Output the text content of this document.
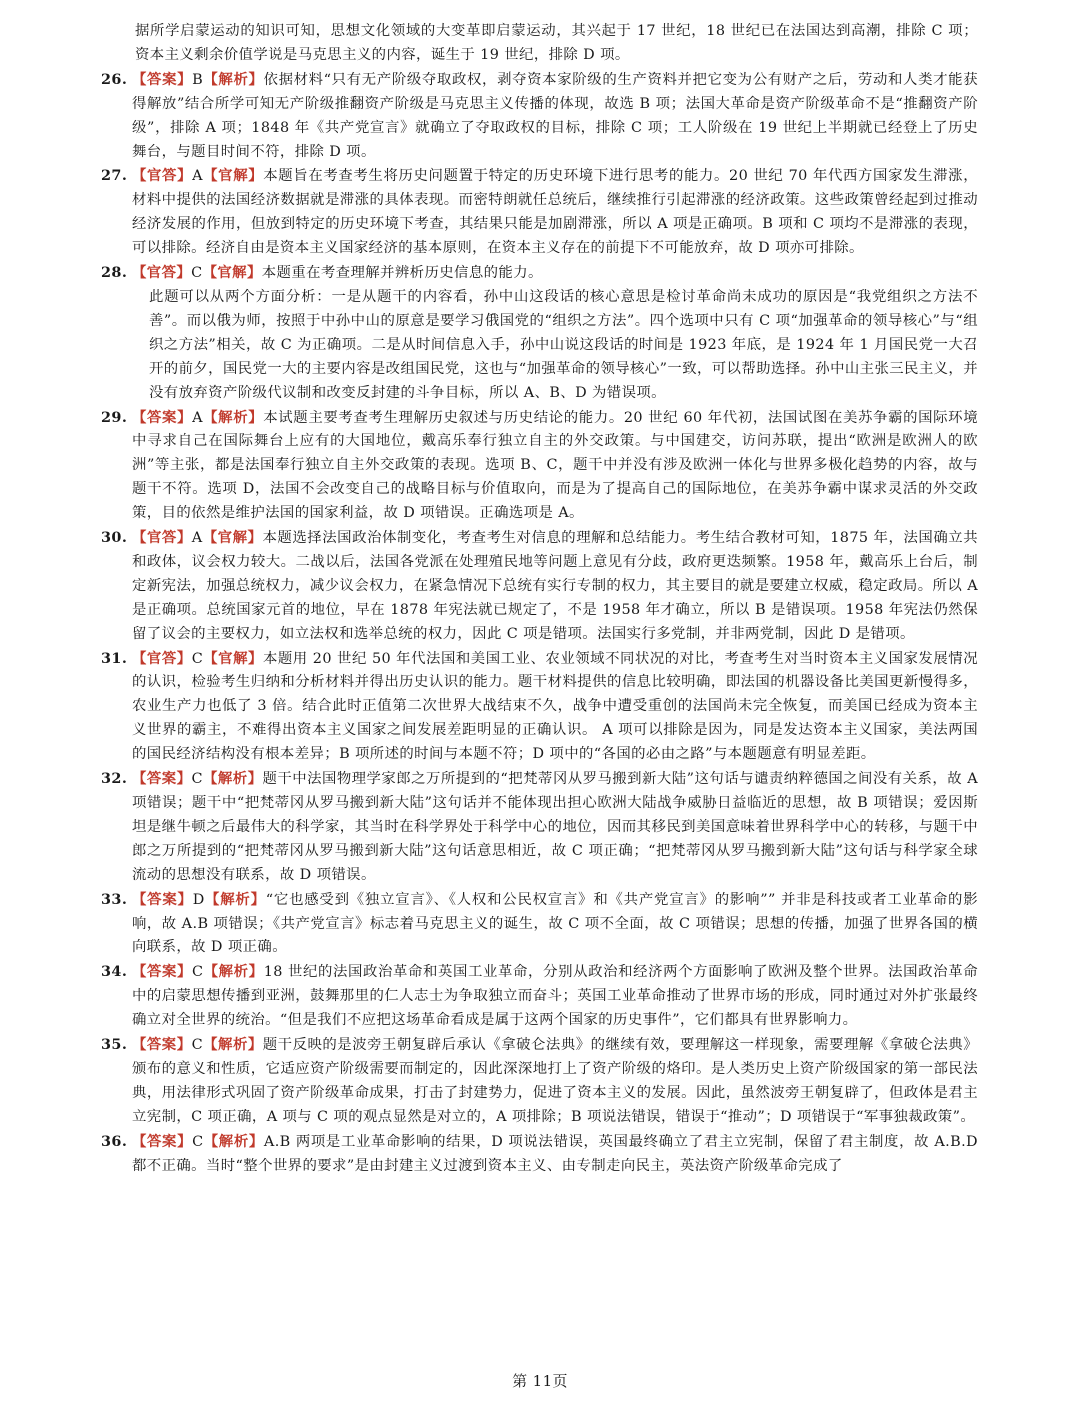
据所学启蒙运动的知识可知，思想文化领域的大变革即启蒙运动，其兴起于 17 世纪，18 世纪已在法国达到高潮，排除 C 项；资本主义剩余价值学说是马克思主义的内容，诞生于 19 世纪，排除 D 项。

26. 【答案】B【解析】依据材料“只有无产阶级夺取政权，剥夺资本家阶级的生产资料并把它变为公有财产之后，劳动和人类才能获得解放”结合所学可知无产阶级推翻资产阶级是马克思主义传播的体现，故选 B 项；法国大革命是资产阶级革命不是“推翻资产阶级”，排除 A 项；1848 年《共产党宣言》就确立了夺取政权的目标，排除 C 项；工人阶级在 19 世纪上半期就已经登上了历史舞台，与题目时间不符，排除 D 项。

27. 【官答】A【官解】本题旨在考查考生将历史问题置于特定的历史环境下进行思考的能力。20 世纪 70 年代西方国家发生滞涨，材料中提供的法国经济数据就是滞涨的具体表现。而密特朗就任总统后，继续推行引起滞涨的经济政策。这些政策曾经起到过推动经济发展的作用，但放到特定的历史环境下考查，其结果只能是加剧滞涨，所以 A 项是正确项。B 项和 C 项均不是滞涨的表现，可以排除。经济自由是资本主义国家经济的基本原则，在资本主义存在的前提下不可能放弃，故 D 项亦可排除。

28. 【官答】C【官解】本题重在考查理解并辨析历史信息的能力。

此题可以从两个方面分析：一是从题干的内容看，孙中山这段话的核心意思是检讨革命尚未成功的原因是“我党组织之方法不善”。而以俄为师，按照于中孙中山的原意是要学习俄国党的“组织之方法”。四个选项中只有 C 项“加强革命的领导核心”与“组织之方法”相关，故 C 为正确项。二是从时间信息入手，孙中山说这段话的时间是 1923 年底，是 1924 年 1 月国民党一大召开的前夕，国民党一大的主要内容是改组国民党，这也与“加强革命的领导核心”一致，可以帮助选择。孙中山主张三民主义，并没有放弃资产阶级代议制和改变反封建的斗争目标，所以 A、B、D 为错误项。

29. 【答案】A【解析】本试题主要考查考生理解历史叙述与历史结论的能力。20 世纪 60 年代初，法国试图在美苏争霸的国际环境中寻求自己在国际舞台上应有的大国地位，戴高乐奉行独立自主的外交政策。与中国建交，访问苏联，提出“欧洲是欧洲人的欧洲”等主张，都是法国奉行独立自主外交政策的表现。选项 B、C，题干中并没有涉及欧洲一体化与世界多极化趋势的内容，故与题干不符。选项 D，法国不会改变自己的战略目标与价值取向，而是为了提高自己的国际地位，在美苏争霸中谋求灵活的外交政策，目的依然是维护法国的国家利益，故 D 项错误。正确选项是 A。

30. 【官答】A【官解】本题选择法国政治体制变化，考查考生对信息的理解和总结能力。考生结合教材可知，1875 年，法国确立共和政体，议会权力较大。二战以后，法国各党派在处理殖民地等问题上意见有分歧，政府更迭频繁。1958 年，戴高乐上台后，制定新宪法，加强总统权力，减少议会权力，在紧急情况下总统有实行专制的权力，其主要目的就是要建立权威，稳定政局。所以 A 是正确项。总统国家元首的地位，早在 1878 年宪法就已规定了，不是 1958 年才确立，所以 B 是错误项。1958 年宪法仍然保留了议会的主要权力，如立法权和选举总统的权力，因此 C 项是错项。法国实行多党制，并非两党制，因此 D 是错项。

31. 【官答】C【官解】本题用 20 世纪 50 年代法国和美国工业、农业领域不同状况的对比，考查考生对当时资本主义国家发展情况的认识，检验考生归纳和分析材料并得出历史认识的能力。题干材料提供的信息比较明确，即法国的机器设备比美国更新慢得多，农业生产力也低了 3 倍。结合此时正值第二次世界大战结束不久，战争中遭受重创的法国尚未完全恢复，而美国已经成为资本主义世界的霸主，不难得出资本主义国家之间发展差距明显的正确认识。 A 项可以排除是因为，同是发达资本主义国家，美法两国的国民经济结构没有根本差异；B 项所述的时间与本题不符；D 项中的“各国的必由之路”与本题题意有明显差距。

32. 【答案】C【解析】题干中法国物理学家郎之万所提到的“把梵蒂冈从罗马搬到新大陆”这句话与谴责纳粹德国之间没有关系，故 A 项错误；题干中“把梵蒂冈从罗马搬到新大陆”这句话并不能体现出担心欧洲大陆战争威胁日益临近的思想，故 B 项错误；爱因斯坦是继牛顿之后最伟大的科学家，其当时在科学界处于科学中心的地位，因而其移民到美国意味着世界科学中心的转移，与题干中郎之万所提到的“把梵蒂冈从罗马搬到新大陆”这句话意思相近，故 C 项正确；“把梵蒂冈从罗马搬到新大陆”这句话与科学家全球流动的思想没有联系，故 D 项错误。

33. 【答案】D【解析】“它也感受到《独立宣言》、《人权和公民权宣言》和《共产党宣言》的影响”” 并非是科技或者工业革命的影响，故 A.B 项错误；《共产党宣言》标志着马克思主义的诞生，故 C 项不全面，故 C 项错误；思想的传播，加强了世界各国的横向联系，故 D 项正确。

34. 【答案】C【解析】18 世纪的法国政治革命和英国工业革命，分别从政治和经济两个方面影响了欧洲及整个世界。法国政治革命中的启蒙思想传播到亚洲，鼓舞那里的仁人志士为争取独立而奋斗；英国工业革命推动了世界市场的形成，同时通过对外扩张最终确立对全世界的统治。“但是我们不应把这场革命看成是属于这两个国家的历史事件”，它们都具有世界影响力。

35. 【答案】C【解析】题干反映的是波旁王朝复辟后承认《拿破仑法典》的继续有效，要理解这一样现象，需要理解《拿破仑法典》颁布的意义和性质，它适应资产阶级需要而制定的，因此深深地打上了资产阶级的烙印。是人类历史上资产阶级国家的第一部民法典，用法律形式巩固了资产阶级革命成果，打击了封建势力，促进了资本主义的发展。因此，虽然波旁王朝复辟了，但政体是君主立宪制，C 项正确，A 项与 C 项的观点显然是对立的，A 项排除；B 项说法错误，错误于“推动”；D 项错误于“军事独裁政策”。

36. 【答案】C【解析】A.B 两项是工业革命影响的结果，D 项说法错误，英国最终确立了君主立宪制，保留了君主制度，故 A.B.D 都不正确。当时“整个世界的要求”是由封建主义过渡到资本主义、由专制走向民主，英法资产阶级革命完成了

第 11页
